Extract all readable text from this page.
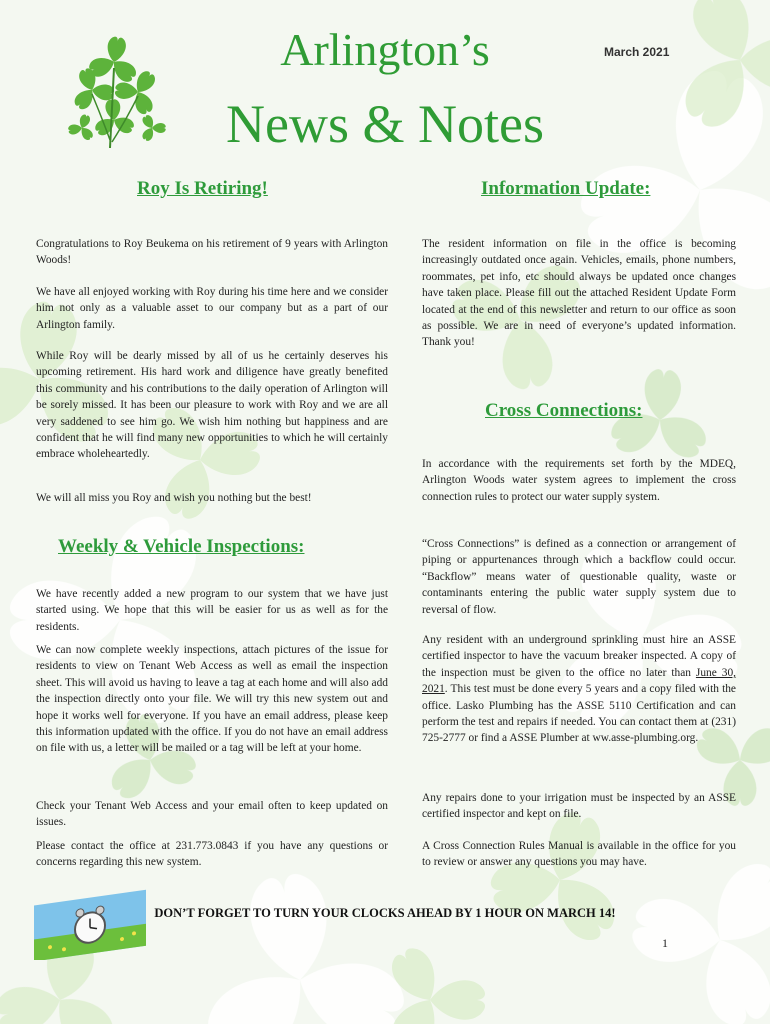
Arlington’s
News & Notes
March 2021
Roy Is Retiring!
Congratulations to Roy Beukema on his retirement of 9 years with Arlington Woods!
We have all enjoyed working with Roy during his time here and we consider him not only as a valuable asset to our company but as a part of our Arlington family.
While Roy will be dearly missed by all of us he certainly deserves his upcoming retirement. His hard work and diligence have greatly benefited this community and his contributions to the daily operation of Arlington will be sorely missed. It has been our pleasure to work with Roy and we are all very saddened to see him go. We wish him nothing but happiness and are confident that he will find many new opportunities to which he will certainly embrace wholeheartedly.
We will all miss you Roy and wish you nothing but the best!
Weekly & Vehicle Inspections:
We have recently added a new program to our system that we have just started using. We hope that this will be easier for us as well as for the residents.
We can now complete weekly inspections, attach pictures of the issue for residents to view on Tenant Web Access as well as email the inspection sheet. This will avoid us having to leave a tag at each home and will also add the inspection directly onto your file. We will try this new system out and hope it works well for everyone. If you have an email address, please keep this information updated with the office. If you do not have an email address on file with us, a letter will be mailed or a tag will be left at your home.
Check your Tenant Web Access and your email often to keep updated on issues.
Please contact the office at 231.773.0843 if you have any questions or concerns regarding this new system.
Information Update:
The resident information on file in the office is becoming increasingly outdated once again. Vehicles, emails, phone numbers, roommates, pet info, etc should always be updated once changes have taken place. Please fill out the attached Resident Update Form located at the end of this newsletter and return to our office as soon as possible. We are in need of everyone’s updated information. Thank you!
Cross Connections:
In accordance with the requirements set forth by the MDEQ, Arlington Woods water system agrees to implement the cross connection rules to protect our water supply system.
“Cross Connections” is defined as a connection or arrangement of piping or appurtenances through which a backflow could occur. “Backflow” means water of questionable quality, waste or contaminants entering the public water supply system due to reversal of flow.
Any resident with an underground sprinkling must hire an ASSE certified inspector to have the vacuum breaker inspected. A copy of the inspection must be given to the office no later than June 30, 2021. This test must be done every 5 years and a copy filed with the office. Lasko Plumbing has the ASSE 5110 Certification and can perform the test and repairs if needed. You can contact them at (231) 725-2777 or find a ASSE Plumber at ww.asse-plumbing.org.
Any repairs done to your irrigation must be inspected by an ASSE certified inspector and kept on file.
A Cross Connection Rules Manual is available in the office for you to review or answer any questions you may have.
DON’T FORGET TO TURN YOUR CLOCKS AHEAD BY 1 HOUR ON MARCH 14!
1
